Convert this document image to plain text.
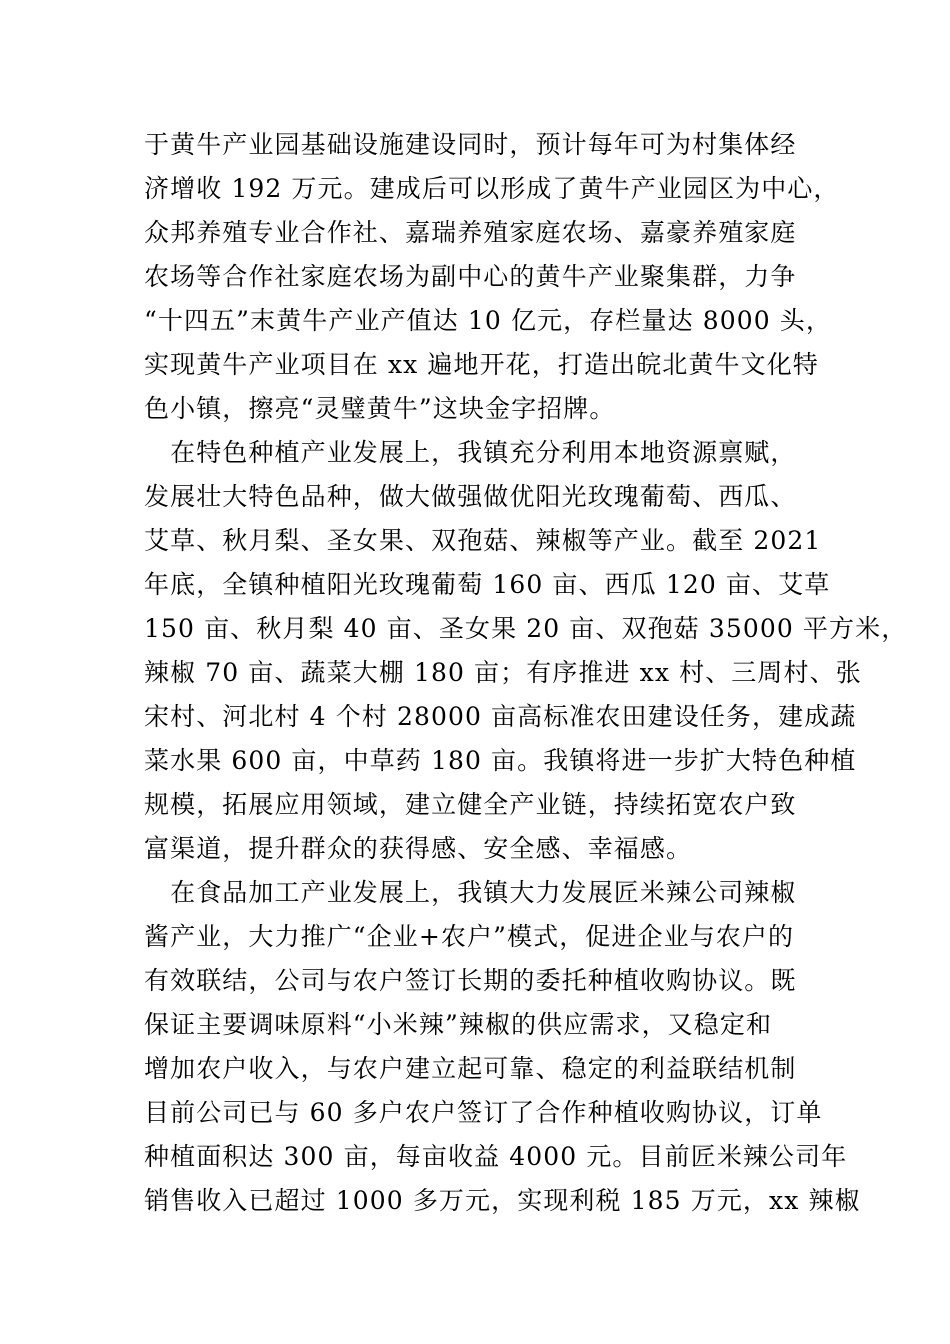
于黄牛产业园基础设施建设同时，预计每年可为村集体经
济增收 192 万元。建成后可以形成了黄牛产业园区为中心，
众邦养殖专业合作社、嘉瑞养殖家庭农场、嘉豪养殖家庭
农场等合作社家庭农场为副中心的黄牛产业聚集群，力争
“十四五”末黄牛产业产值达 10 亿元，存栏量达 8000 头，
实现黄牛产业项目在 xx 遍地开花，打造出皖北黄牛文化特
色小镇，擦亮“灵璧黄牛”这块金字招牌。
　在特色种植产业发展上，我镇充分利用本地资源禀赋，
发展壮大特色品种，做大做强做优阳光玫瑰葡萄、西瓜、
艾草、秋月梨、圣女果、双孢菇、辣椒等产业。截至 2021
年底，全镇种植阳光玫瑰葡萄 160 亩、西瓜 120 亩、艾草
150 亩、秋月梨 40 亩、圣女果 20 亩、双孢菇 35000 平方米，
辣椒 70 亩、蔬菜大棚 180 亩；有序推进 xx 村、三周村、张
宋村、河北村 4 个村 28000 亩高标准农田建设任务，建成蔬
菜水果 600 亩，中草药 180 亩。我镇将进一步扩大特色种植
规模，拓展应用领域，建立健全产业链，持续拓宽农户致
富渠道，提升群众的获得感、安全感、幸福感。
　在食品加工产业发展上，我镇大力发展匠米辣公司辣椒
酱产业，大力推广“企业+农户”模式，促进企业与农户的
有效联结，公司与农户签订长期的委托种植收购协议。既
保证主要调味原料“小米辣”辣椒的供应需求，又稳定和
增加农户收入，与农户建立起可靠、稳定的利益联结机制
目前公司已与 60 多户农户签订了合作种植收购协议，订单
种植面积达 300 亩，每亩收益 4000 元。目前匠米辣公司年
销售收入已超过 1000 多万元，实现利税 185 万元，xx 辣椒
